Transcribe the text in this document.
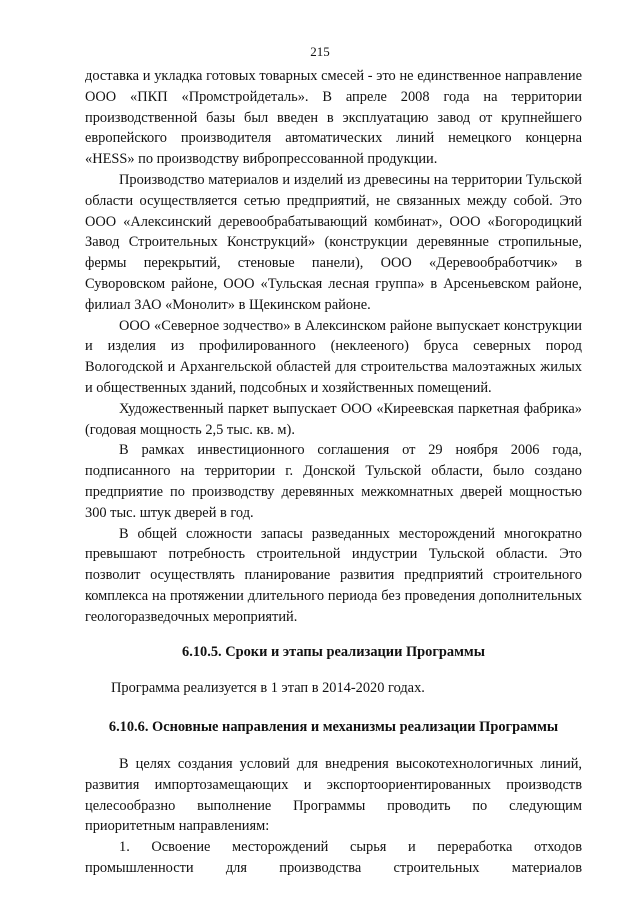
215

доставка и укладка готовых товарных смесей - это не единственное направление ООО «ПКП «Промстройдеталь». В апреле 2008 года на территории производственной базы был введен в эксплуатацию завод от крупнейшего европейского производителя автоматических линий немецкого концерна «HESS» по производству вибропрессованной продукции.

Производство материалов и изделий из древесины на территории Тульской области осуществляется сетью предприятий, не связанных между собой. Это ООО «Алексинский деревообрабатывающий комбинат», ООО «Богородицкий Завод Строительных Конструкций» (конструкции деревянные стропильные, фермы перекрытий, стеновые панели), ООО «Деревообработчик» в Суворовском районе, ООО «Тульская лесная группа» в Арсеньевском районе, филиал ЗАО «Монолит» в Щекинском районе.

ООО «Северное зодчество» в Алексинском районе выпускает конструкции и изделия из профилированного (неклееного) бруса северных пород Вологодской и Архангельской областей для строительства малоэтажных жилых и общественных зданий, подсобных и хозяйственных помещений.

Художественный паркет выпускает ООО «Киреевская паркетная фабрика» (годовая мощность 2,5 тыс. кв. м).

В рамках инвестиционного соглашения от 29 ноября 2006 года, подписанного на территории г. Донской Тульской области, было создано предприятие по производству деревянных межкомнатных дверей мощностью 300 тыс. штук дверей в год.

В общей сложности запасы разведанных месторождений многократно превышают потребность строительной индустрии Тульской области. Это позволит осуществлять планирование развития предприятий строительного комплекса на протяжении длительного периода без проведения дополнительных геологоразведочных мероприятий.

6.10.5. Сроки и этапы реализации Программы

Программа реализуется в 1 этап в 2014-2020 годах.

6.10.6. Основные направления и механизмы реализации Программы

В целях создания условий для внедрения высокотехнологичных линий, развития импортозамещающих и экспортоориентированных производств целесообразно выполнение Программы проводить по следующим приоритетным направлениям:

1. Освоение месторождений сырья и переработка отходов промышленности для производства строительных материалов
